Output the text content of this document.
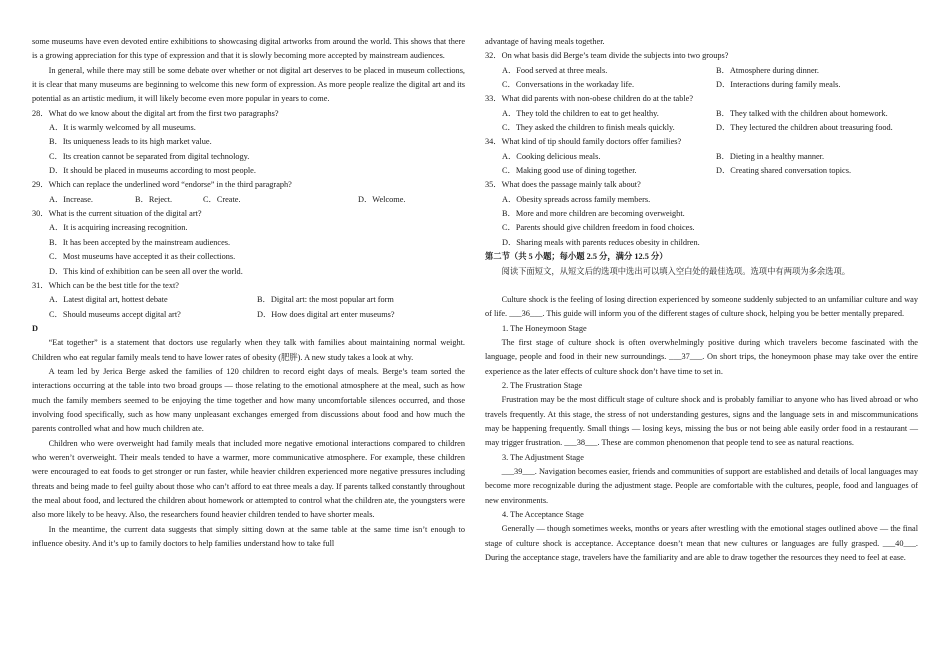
some museums have even devoted entire exhibitions to showcasing digital artworks from around the world. This shows that there is a growing appreciation for this type of expression and that it is slowly becoming more accepted by mainstream audiences.

In general, while there may still be some debate over whether or not digital art deserves to be placed in museum collections, it is clear that many museums are beginning to welcome this new form of expression. As more people realize the digital art and its potential as an artistic medium, it will likely become even more popular in years to come.

28．What do we know about the digital art from the first two paragraphs?

A．It is warmly welcomed by all museums.
B．Its uniqueness leads to its high market value.
C．Its creation cannot be separated from digital technology.
D．It should be placed in museums according to most people.

29．Which can replace the underlined word “endorse” in the third paragraph?

A．Increase.	B．Reject.	C．Create.	D．Welcome.

30．What is the current situation of the digital art?

A．It is acquiring increasing recognition.
B．It has been accepted by the mainstream audiences.
C．Most museums have accepted it as their collections.
D．This kind of exhibition can be seen all over the world.

31．Which can be the best title for the text?

A．Latest digital art, hottest debate	B．Digital art: the most popular art form
C．Should museums accept digital art?	D．How does digital art enter museums?

D

“Eat together” is a statement that doctors use regularly when they talk with families about maintaining normal weight. Children who eat regular family meals tend to have lower rates of obesity (肥胖). A new study takes a look at why.

A team led by Jerica Berge asked the families of 120 children to record eight days of meals. Berge’s team sorted the interactions occurring at the table into two broad groups — those relating to the emotional atmosphere at the meal, such as how much the family members seemed to be enjoying the time together and how many uncomfortable silences occurred, and those involving food specifically, such as how many unpleasant exchanges emerged from discussions about food and how much the parents controlled what and how much children ate.

Children who were overweight had family meals that included more negative emotional interactions compared to children who weren’t overweight. Their meals tended to have a warmer, more communicative atmosphere. For example, these children were encouraged to eat foods to get stronger or run faster, while heavier children experienced more negative pressures including threats and being made to feel guilty about those who can’t afford to eat three meals a day. If parents talked constantly throughout the meal about food, and lectured the children about homework or attempted to control what the children ate, the youngsters were also more likely to be heavy. Also, the researchers found heavier children tended to have shorter meals.

In the meantime, the current data suggests that simply sitting down at the same table at the same time isn’t enough to influence obesity. And it’s up to family doctors to help families understand how to take full

advantage of having meals together.

32．On what basis did Berge’s team divide the subjects into two groups?

A．Food served at three meals.	B．Atmosphere during dinner.
C．Conversations in the workaday life.	D．Interactions during family meals.

33．What did parents with non-obese children do at the table?

A．They told the children to eat to get healthy.	B．They talked with the children about homework.
C．They asked the children to finish meals quickly.	D．They lectured the children about treasuring food.

34．What kind of tip should family doctors offer families?

A．Cooking delicious meals.	B．Dieting in a healthy manner.
C．Making good use of dining together.	D．Creating shared conversation topics.

35．What does the passage mainly talk about?

A．Obesity spreads across family members.
B．More and more children are becoming overweight.
C．Parents should give children freedom in food choices.
D．Sharing meals with parents reduces obesity in children.

第二节（共 5 小题；每小题 2.5 分，满分 12.5 分）

阅读下面短文，从短文后的选项中选出可以填入空白处的最佳选项。选项中有两项为多余选项。

Culture shock is the feeling of losing direction experienced by someone suddenly subjected to an unfamiliar culture and way of life. ___36___. This guide will inform you of the different stages of culture shock, helping you be better mentally prepared.

1. The Honeymoon Stage

The first stage of culture shock is often overwhelmingly positive during which travelers become fascinated with the language, people and food in their new surroundings. ___37___. On short trips, the honeymoon phase may take over the entire experience as the later effects of culture shock don’t have time to set in.

2. The Frustration Stage

Frustration may be the most difficult stage of culture shock and is probably familiar to anyone who has lived abroad or who travels frequently. At this stage, the stress of not understanding gestures, signs and the language sets in and miscommunications may be happening frequently. Small things — losing keys, missing the bus or not being able easily order food in a restaurant — may trigger frustration. ___38___. These are common phenomenon that people tend to see as natural reactions.

3. The Adjustment Stage

___39___. Navigation becomes easier, friends and communities of support are established and details of local languages may become more recognizable during the adjustment stage. People are comfortable with the cultures, people, food and languages of new environments.

4. The Acceptance Stage

Generally — though sometimes weeks, months or years after wrestling with the emotional stages outlined above — the final stage of culture shock is acceptance. Acceptance doesn’t mean that new cultures or languages are fully grasped. ___40___. During the acceptance stage, travelers have the familiarity and are able to draw together the resources they need to feel at ease.
